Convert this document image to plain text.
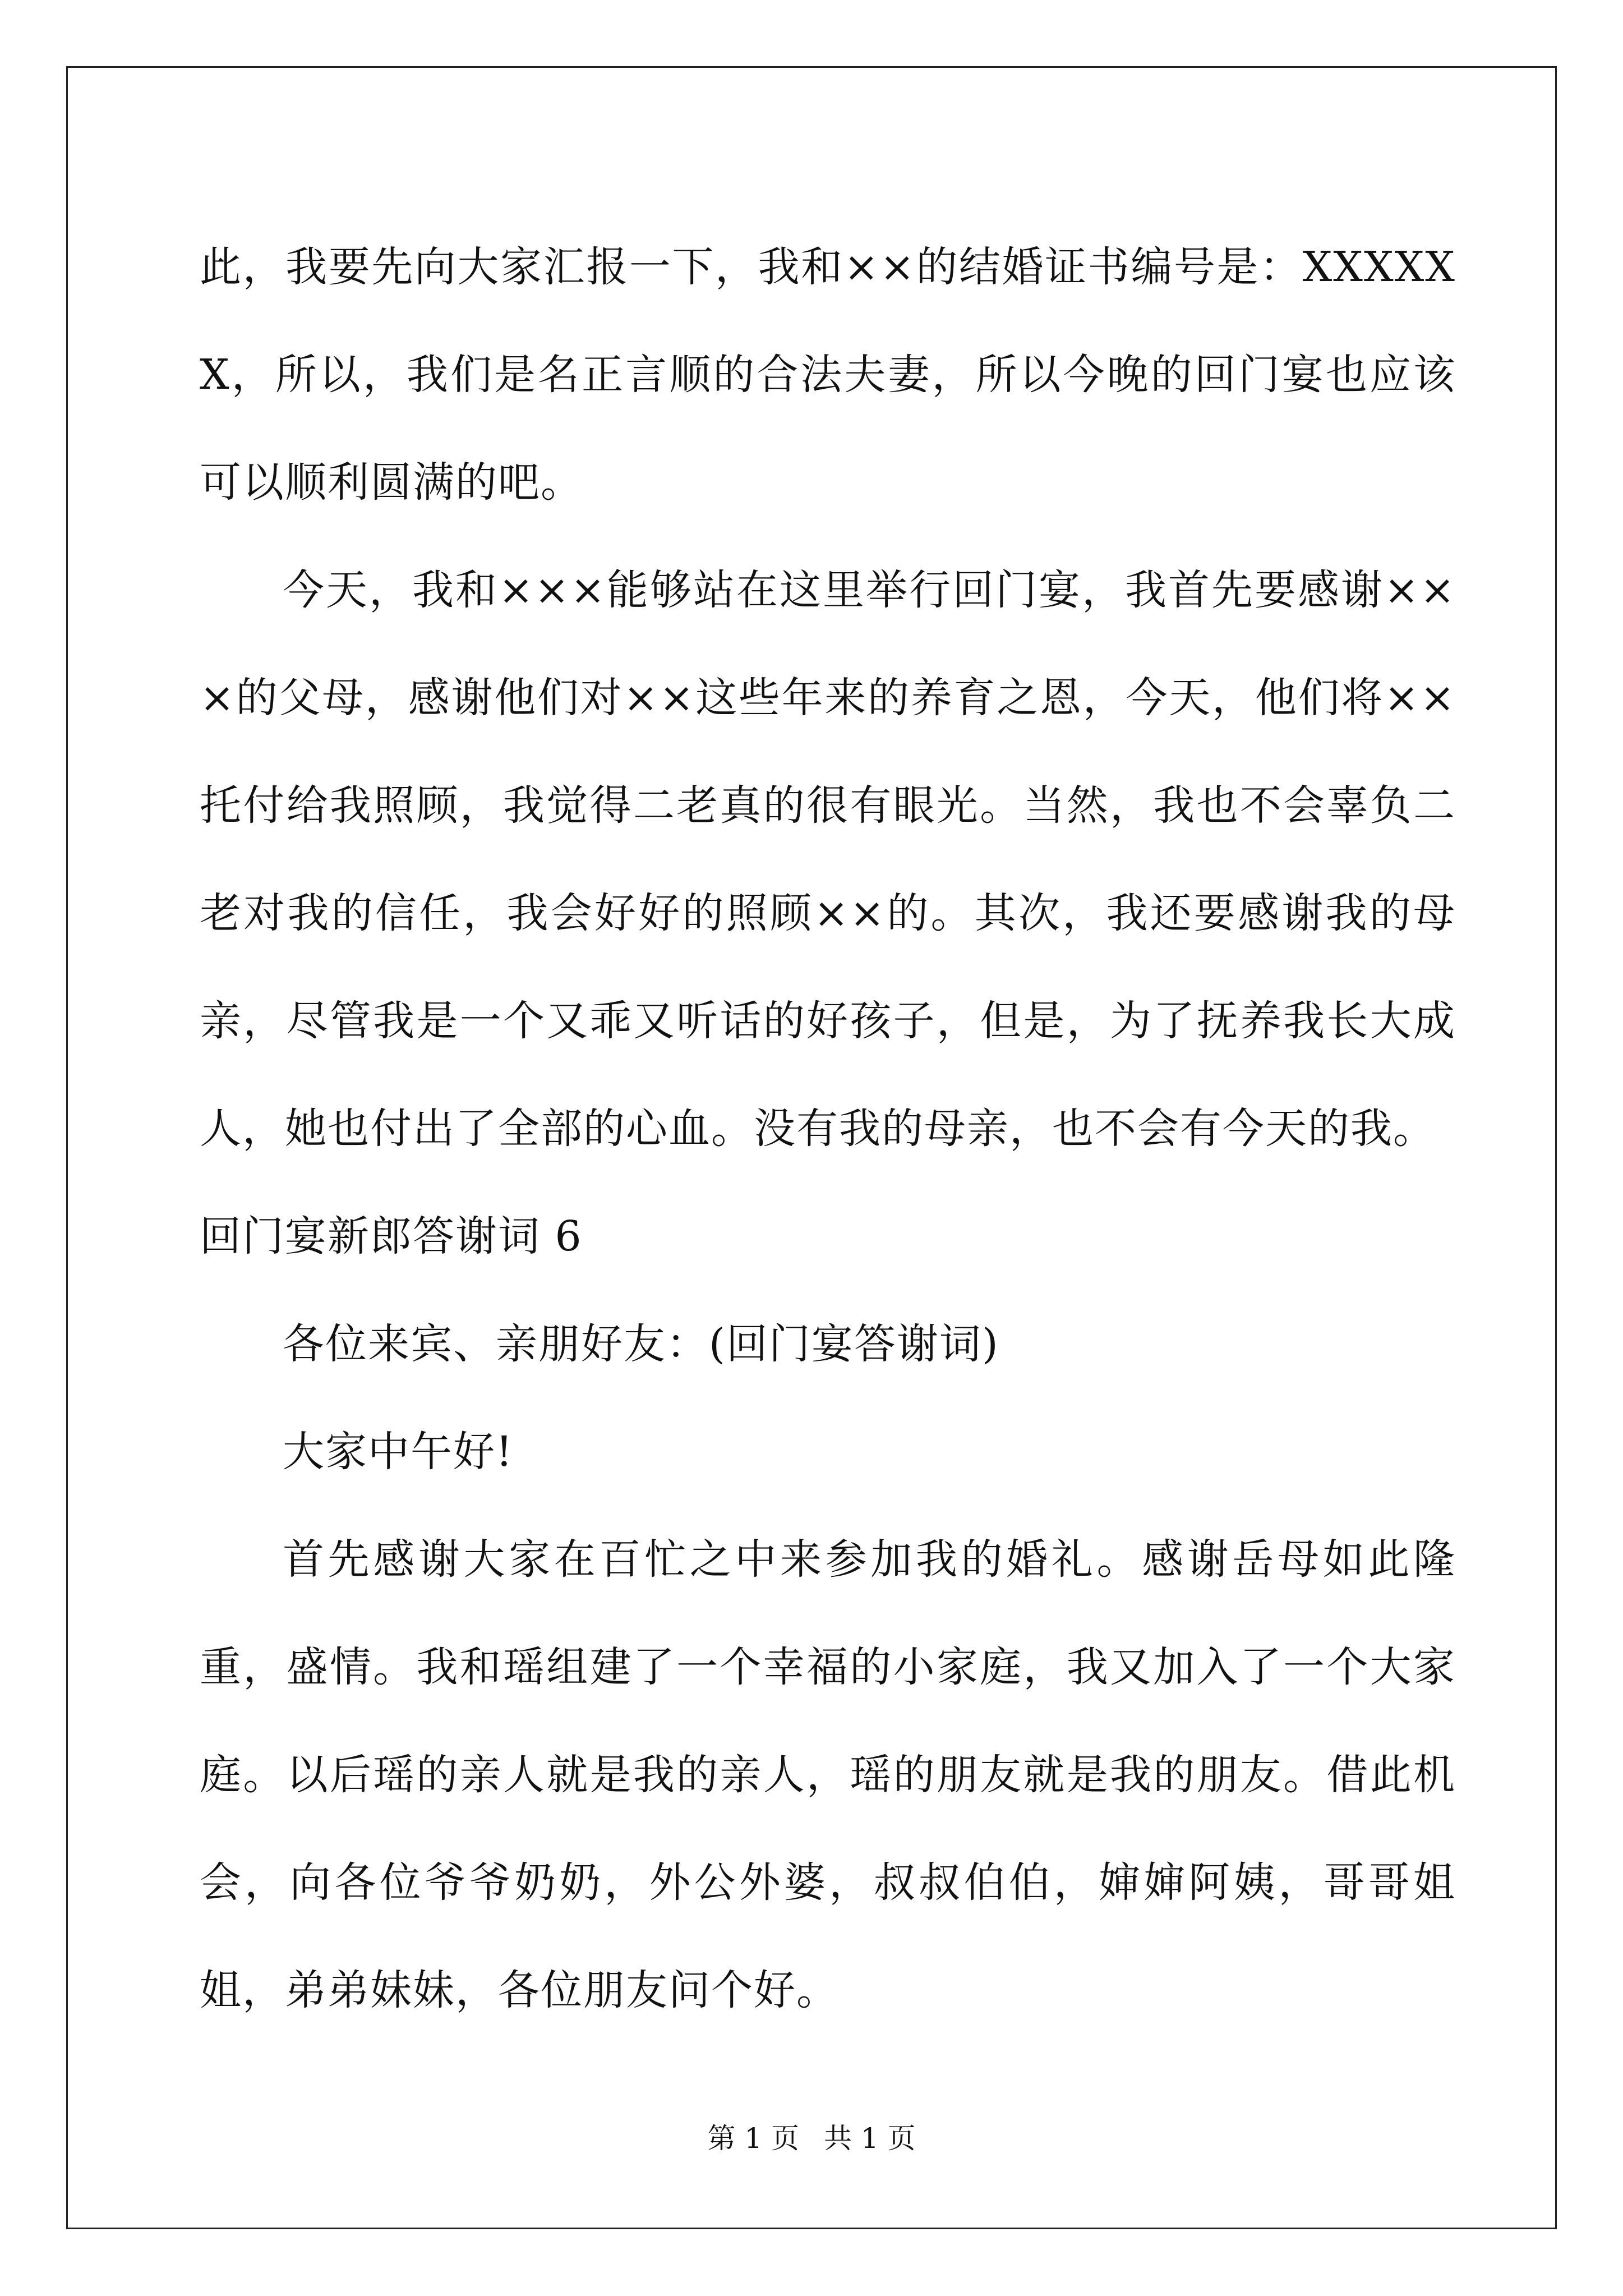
此，我要先向大家汇报一下，我和××的结婚证书编号是：XXXXXX，所以，我们是名正言顺的合法夫妻，所以今晚的回门宴也应该可以顺利圆满的吧。

今天，我和×××能够站在这里举行回门宴，我首先要感谢×××的父母，感谢他们对××这些年来的养育之恩，今天，他们将××托付给我照顾，我觉得二老真的很有眼光。当然，我也不会辜负二老对我的信任，我会好好的照顾××的。其次，我还要感谢我的母亲，尽管我是一个又乖又听话的好孩子，但是，为了抚养我长大成人，她也付出了全部的心血。没有我的母亲，也不会有今天的我。

回门宴新郎答谢词 6

各位来宾、亲朋好友：(回门宴答谢词)

大家中午好!

首先感谢大家在百忙之中来参加我的婚礼。感谢岳母如此隆重，盛情。我和瑶组建了一个幸福的小家庭，我又加入了一个大家庭。以后瑶的亲人就是我的亲人，瑶的朋友就是我的朋友。借此机会，向各位爷爷奶奶，外公外婆，叔叔伯伯，婶婶阿姨，哥哥姐姐，弟弟妹妹，各位朋友问个好。

第 1 页 共 1 页
